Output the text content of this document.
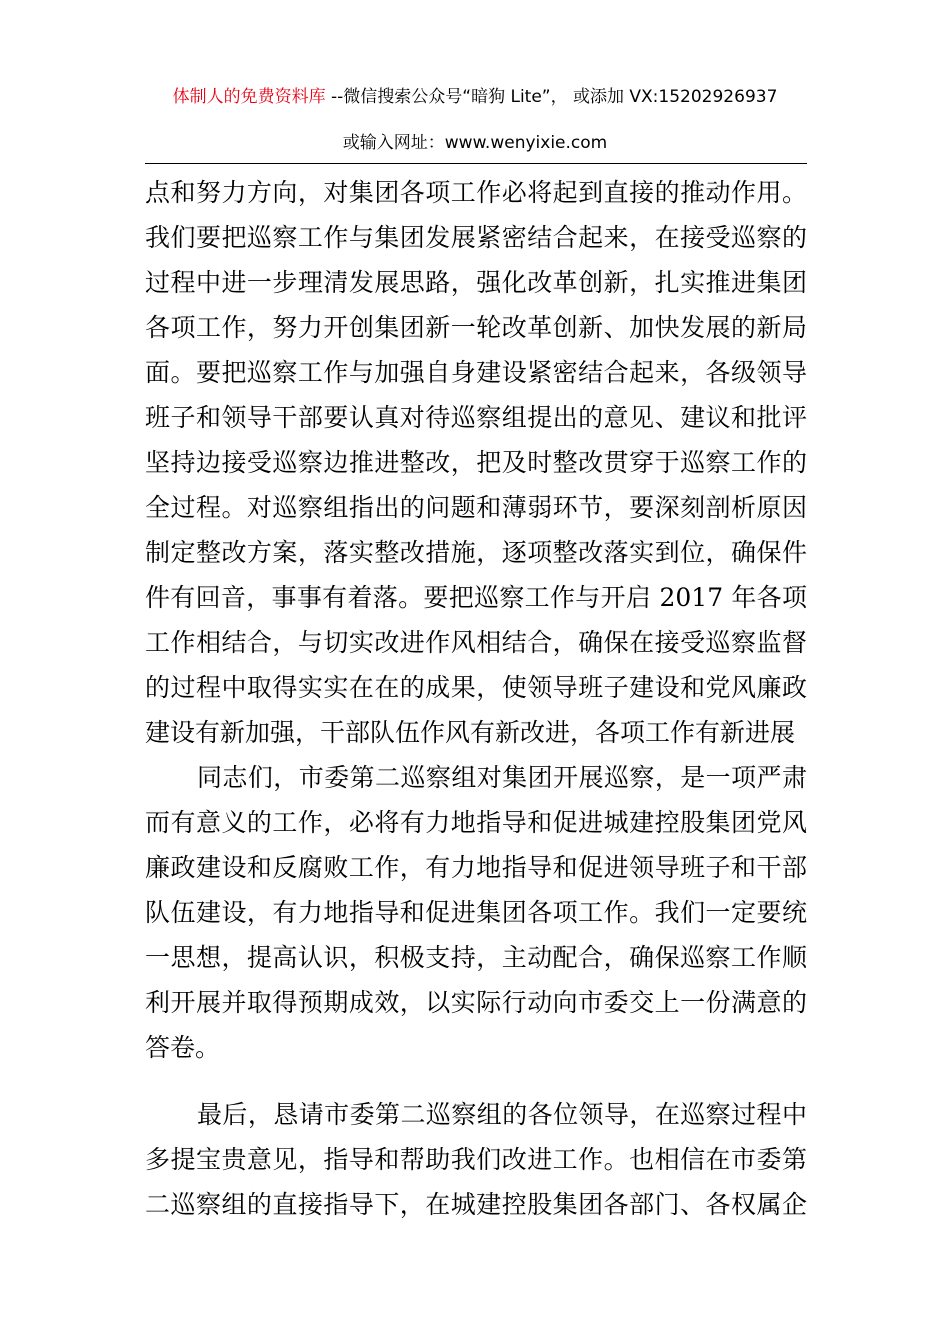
体制人的免费资料库 --微信搜索公众号“暗狗 Lite”， 或添加 VX:15202926937
或输入网址：www.wenyixie.com
点和努力方向，对集团各项工作必将起到直接的推动作用。
我们要把巡察工作与集团发展紧密结合起来，在接受巡察的
过程中进一步理清发展思路，强化改革创新，扎实推进集团
各项工作，努力开创集团新一轮改革创新、加快发展的新局
面。要把巡察工作与加强自身建设紧密结合起来，各级领导
班子和领导干部要认真对待巡察组提出的意见、建议和批评
坚持边接受巡察边推进整改，把及时整改贯穿于巡察工作的
全过程。对巡察组指出的问题和薄弱环节，要深刻剖析原因
制定整改方案，落实整改措施，逐项整改落实到位，确保件
件有回音，事事有着落。要把巡察工作与开启 2017 年各项
工作相结合，与切实改进作风相结合，确保在接受巡察监督
的过程中取得实实在在的成果，使领导班子建设和党风廉政
建设有新加强，干部队伍作风有新改进，各项工作有新进展
同志们，市委第二巡察组对集团开展巡察，是一项严肃
而有意义的工作，必将有力地指导和促进城建控股集团党风
廉政建设和反腐败工作，有力地指导和促进领导班子和干部
队伍建设，有力地指导和促进集团各项工作。我们一定要统
一思想，提高认识，积极支持，主动配合，确保巡察工作顺
利开展并取得预期成效，以实际行动向市委交上一份满意的
答卷。
最后，恳请市委第二巡察组的各位领导，在巡察过程中
多提宝贵意见，指导和帮助我们改进工作。也相信在市委第
二巡察组的直接指导下，在城建控股集团各部门、各权属企
